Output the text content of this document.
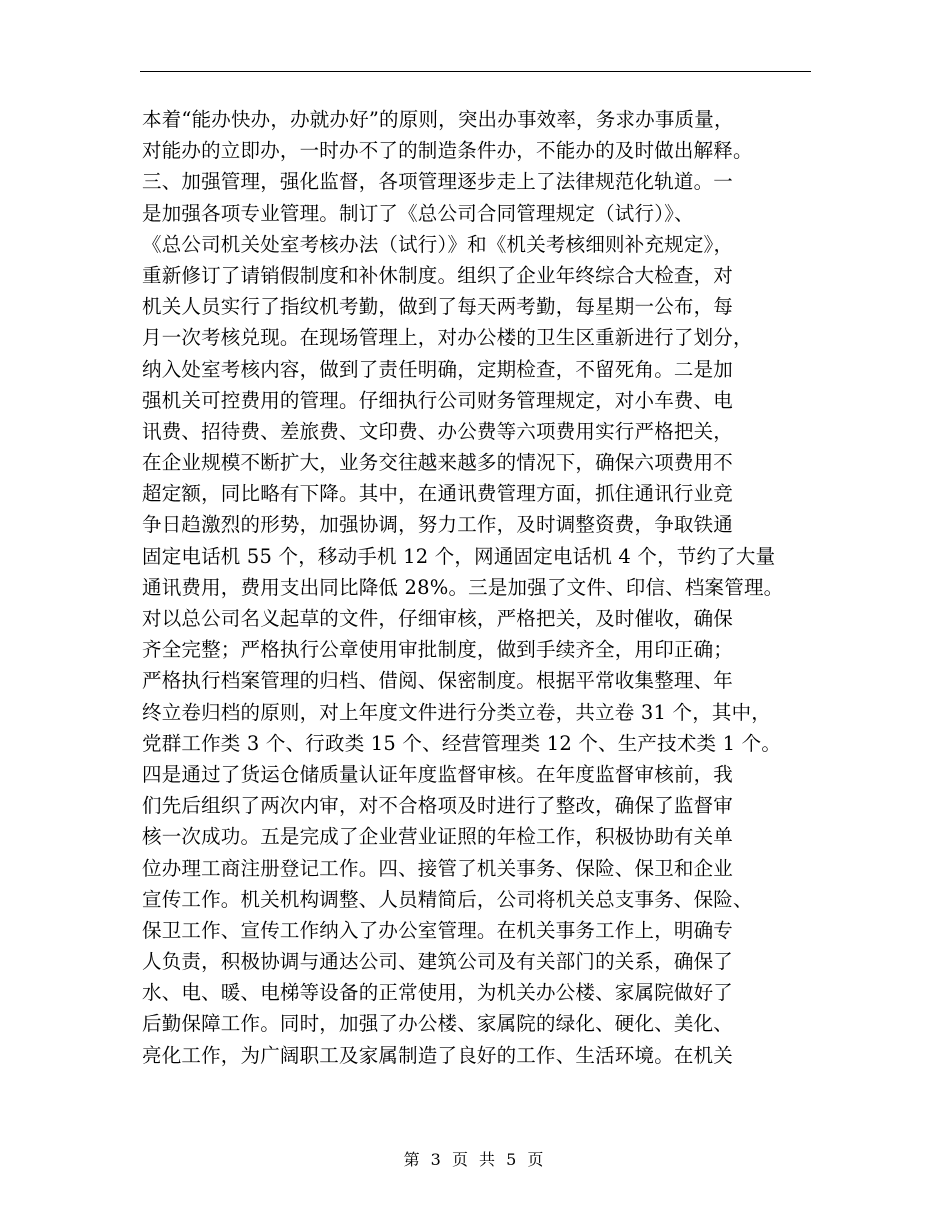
本着“能办快办，办就办好”的原则，突出办事效率，务求办事质量，
对能办的立即办，一时办不了的制造条件办，不能办的及时做出解释。
三、加强管理，强化监督，各项管理逐步走上了法律规范化轨道。一
是加强各项专业管理。制订了《总公司合同管理规定（试行）》、
《总公司机关处室考核办法（试行）》和《机关考核细则补充规定》，
重新修订了请销假制度和补休制度。组织了企业年终综合大检查，对
机关人员实行了指纹机考勤，做到了每天两考勤，每星期一公布，每
月一次考核兑现。在现场管理上，对办公楼的卫生区重新进行了划分，
纳入处室考核内容，做到了责任明确，定期检查，不留死角。二是加
强机关可控费用的管理。仔细执行公司财务管理规定，对小车费、电
讯费、招待费、差旅费、文印费、办公费等六项费用实行严格把关，
在企业规模不断扩大，业务交往越来越多的情况下，确保六项费用不
超定额，同比略有下降。其中，在通讯费管理方面，抓住通讯行业竞
争日趋激烈的形势，加强协调，努力工作，及时调整资费，争取铁通
固定电话机 55 个，移动手机 12 个，网通固定电话机 4 个，节约了大量
通讯费用，费用支出同比降低 28%。三是加强了文件、印信、档案管理。
对以总公司名义起草的文件，仔细审核，严格把关，及时催收，确保
齐全完整；严格执行公章使用审批制度，做到手续齐全，用印正确；
严格执行档案管理的归档、借阅、保密制度。根据平常收集整理、年
终立卷归档的原则，对上年度文件进行分类立卷，共立卷 31 个，其中，
党群工作类 3 个、行政类 15 个、经营管理类 12 个、生产技术类 1 个。
四是通过了货运仓储质量认证年度监督审核。在年度监督审核前，我
们先后组织了两次内审，对不合格项及时进行了整改，确保了监督审
核一次成功。五是完成了企业营业证照的年检工作，积极协助有关单
位办理工商注册登记工作。四、接管了机关事务、保险、保卫和企业
宣传工作。机关机构调整、人员精简后，公司将机关总支事务、保险、
保卫工作、宣传工作纳入了办公室管理。在机关事务工作上，明确专
人负责，积极协调与通达公司、建筑公司及有关部门的关系，确保了
水、电、暖、电梯等设备的正常使用，为机关办公楼、家属院做好了
后勤保障工作。同时，加强了办公楼、家属院的绿化、硬化、美化、
亮化工作，为广阔职工及家属制造了良好的工作、生活环境。在机关
第 3 页 共 5 页
